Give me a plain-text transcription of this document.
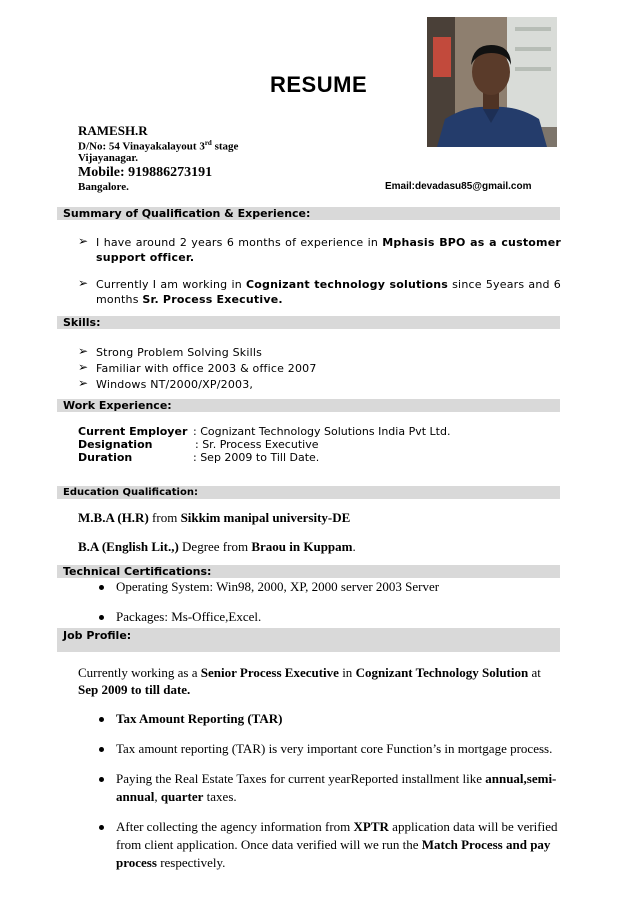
RESUME
RAMESH.R
D/No: 54 Vinayakalayout 3rd stage
Vijayanagar.
Mobile: 919886273191
Bangalore.	Email:devadasu85@gmail.com
Summary of Qualification & Experience:
➢ I have around 2 years 6 months of experience in Mphasis BPO as a customer support officer.
➢ Currently I am working in Cognizant technology solutions since 5years and 6 months Sr. Process Executive.
Skills:
➢ Strong Problem Solving Skills
➢ Familiar with office 2003 & office 2007
➢ Windows NT/2000/XP/2003,
Work Experience:
Current Employer : Cognizant Technology Solutions India Pvt Ltd.
Designation	: Sr. Process Executive
Duration	: Sep 2009 to Till Date.
Education Qualification:
M.B.A (H.R) from Sikkim manipal university-DE
B.A (English Lit.,) Degree from Braou in Kuppam.
Technical Certifications:
Operating System: Win98, 2000, XP, 2000 server 2003 Server
Packages: Ms-Office,Excel.
Job Profile:
Currently working as a Senior Process Executive in Cognizant Technology Solution at Sep 2009 to till date.
Tax Amount Reporting (TAR)
Tax amount reporting (TAR) is very important core Function’s in mortgage process.
Paying the Real Estate Taxes for current yearReported installment like annual,semi-annual, quarter taxes.
After collecting the agency information from XPTR application data will be verified from client application. Once data verified will we run the Match Process and pay process respectively.
